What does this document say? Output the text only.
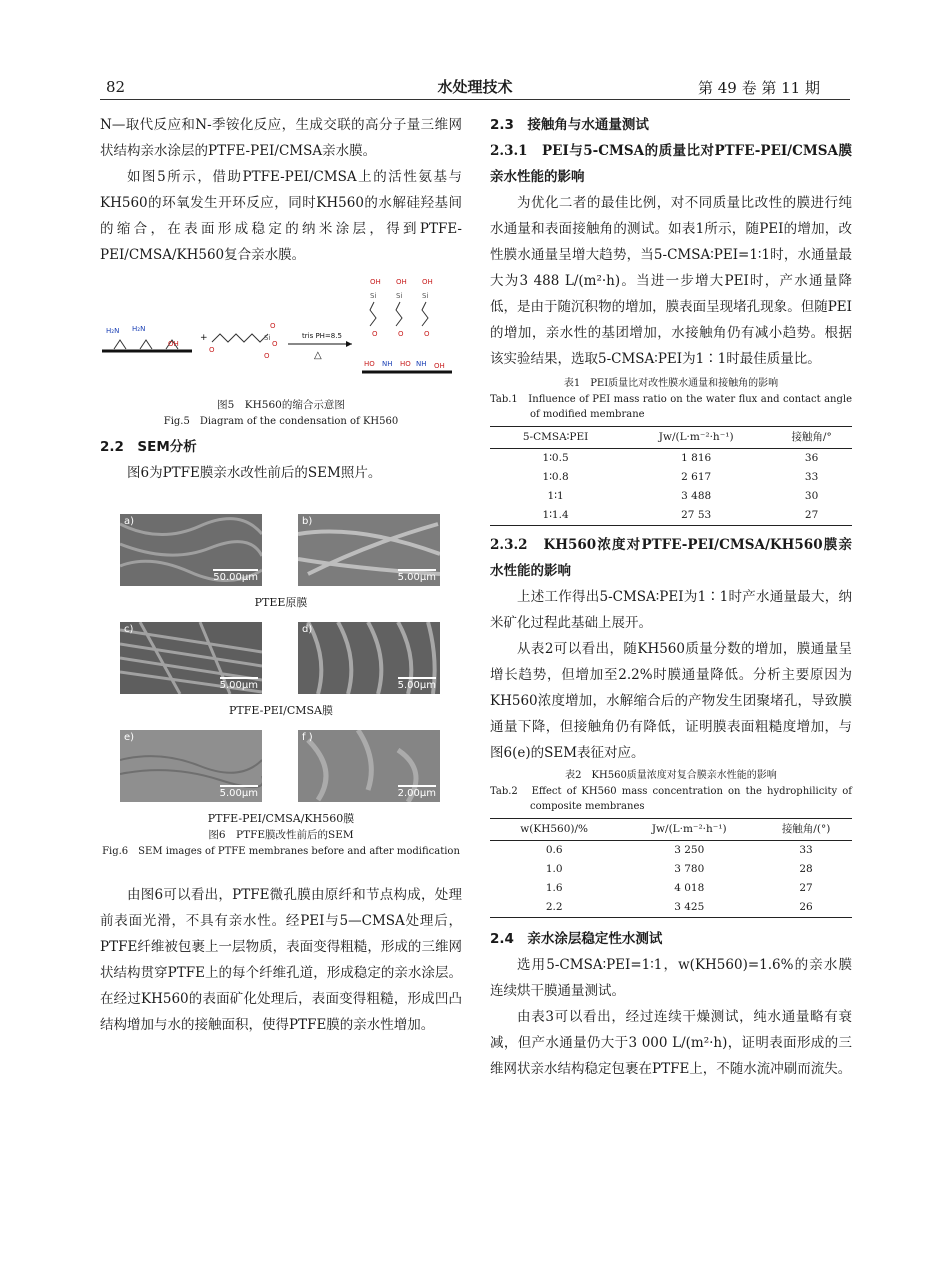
82	水处理技术	第 49 卷 第 11 期

N—取代反应和N-季铵化反应，生成交联的高分子量三维网状结构亲水涂层的PTFE-PEI/CMSA亲水膜。

如图5所示，借助PTFE-PEI/CMSA上的活性氨基与KH560的环氧发生开环反应，同时KH560的水解硅羟基间的缩合，在表面形成稳定的纳米涂层，得到PTFE-PEI/CMSA/KH560复合亲水膜。

H₂N H₂N
OH
+
O
Si
O
O
O
tris PH=8.5
△
OH OH OH
Si	Si	Si
O	O	O
HO NH HO NH OH
图5　KH560的缩合示意图
Fig.5　Diagram of the condensation of KH560

2.2　SEM分析

图6为PTFE膜亲水改性前后的SEM照片。

a)
50.00μm
b)
5.00μm
PTEE原膜
c)
5.00μm
d)
5.00μm
PTFE-PEI/CMSA膜
e)
5.00μm
f )
2.00μm
PTFE-PEI/CMSA/KH560膜
图6　PTFE膜改性前后的SEM
Fig.6　SEM images of PTFE membranes before and after modification

由图6可以看出，PTFE微孔膜由原纤和节点构成，处理前表面光滑，不具有亲水性。经PEI与5—CMSA处理后，PTFE纤维被包裹上一层物质，表面变得粗糙，形成的三维网状结构贯穿PTFE上的每个纤维孔道，形成稳定的亲水涂层。在经过KH560的表面矿化处理后，表面变得粗糙，形成凹凸结构增加与水的接触面积，使得PTFE膜的亲水性增加。

2.3　接触角与水通量测试

2.3.1　PEI与5-CMSA的质量比对PTFE-PEI/CMSA膜亲水性能的影响

为优化二者的最佳比例，对不同质量比改性的膜进行纯水通量和表面接触角的测试。如表1所示，随PEI的增加，改性膜水通量呈增大趋势，当5-CMSA∶PEI=1∶1时，水通量最大为3 488 L/(m²·h)。当进一步增大PEI时，产水通量降低，是由于随沉积物的增加，膜表面呈现堵孔现象。但随PEI的增加，亲水性的基团增加，水接触角仍有减小趋势。根据该实验结果，选取5-CMSA∶PEI为1∶1时最佳质量比。

表1　PEI质量比对改性膜水通量和接触角的影响
Tab.1　Influence of PEI mass ratio on the water flux and contact angle of modified membrane
5-CMSA∶PEI	Jw/(L·m⁻²·h⁻¹)	接触角/°
1∶0.5	1 816	36
1∶0.8	2 617	33
1∶1	3 488	30
1∶1.4	27 53	27

2.3.2　KH560浓度对PTFE-PEI/CMSA/KH560膜亲水性能的影响

上述工作得出5-CMSA∶PEI为1∶1时产水通量最大，纳米矿化过程此基础上展开。

从表2可以看出，随KH560质量分数的增加，膜通量呈增长趋势，但增加至2.2%时膜通量降低。分析主要原因为KH560浓度增加，水解缩合后的产物发生团聚堵孔，导致膜通量下降，但接触角仍有降低，证明膜表面粗糙度增加，与图6(e)的SEM表征对应。

表2　KH560质量浓度对复合膜亲水性能的影响
Tab.2　Effect of KH560 mass concentration on the hydrophilicity of composite membranes
w(KH560)/%	Jw/(L·m⁻²·h⁻¹)	接触角/(°)
0.6	3 250	33
1.0	3 780	28
1.6	4 018	27
2.2	3 425	26

2.4　亲水涂层稳定性水测试

选用5-CMSA∶PEI=1∶1，w(KH560)=1.6%的亲水膜连续烘干膜通量测试。

由表3可以看出，经过连续干燥测试，纯水通量略有衰减，但产水通量仍大于3 000 L/(m²·h)，证明表面形成的三维网状亲水结构稳定包裹在PTFE上，不随水流冲刷而流失。
